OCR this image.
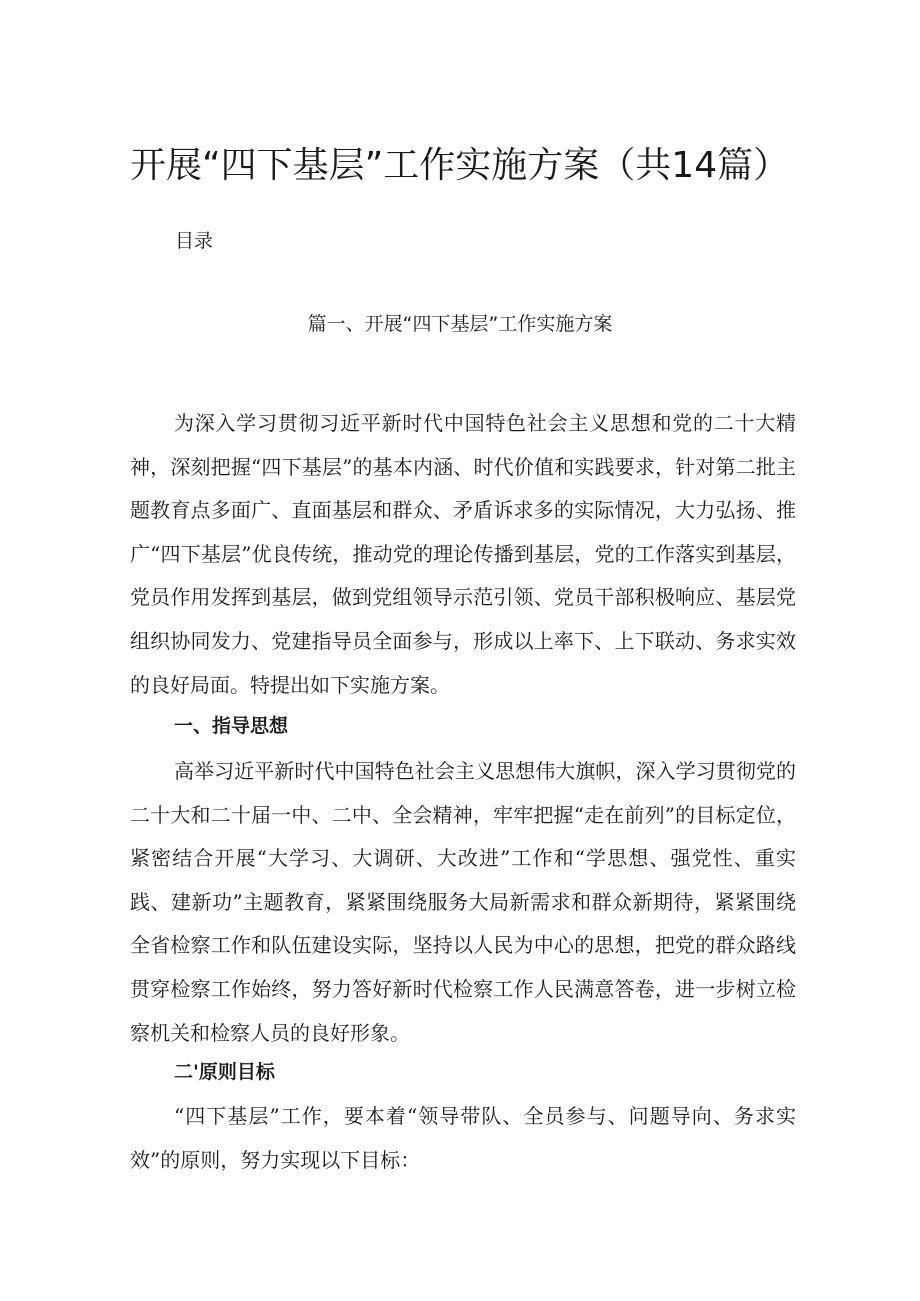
开展“四下基层”工作实施方案（共14篇）
目录
篇一、开展“四下基层”工作实施方案

为深入学习贯彻习近平新时代中国特色社会主义思想和党的二十大精神，深刻把握“四下基层”的基本内涵、时代价值和实践要求，针对第二批主题教育点多面广、直面基层和群众、矛盾诉求多的实际情况，大力弘扬、推广“四下基层”优良传统，推动党的理论传播到基层，党的工作落实到基层，党员作用发挥到基层，做到党组领导示范引领、党员干部积极响应、基层党组织协同发力、党建指导员全面参与，形成以上率下、上下联动、务求实效的良好局面。特提出如下实施方案。

一、指导思想

高举习近平新时代中国特色社会主义思想伟大旗帜，深入学习贯彻党的二十大和二十届一中、二中、全会精神，牢牢把握“走在前列”的目标定位，紧密结合开展“大学习、大调研、大改进”工作和“学思想、强党性、重实践、建新功”主题教育，紧紧围绕服务大局新需求和群众新期待，紧紧围绕全省检察工作和队伍建设实际，坚持以人民为中心的思想，把党的群众路线贯穿检察工作始终，努力答好新时代检察工作人民满意答卷，进一步树立检察机关和检察人员的良好形象。

二'原则目标

“四下基层”工作，要本着“领导带队、全员参与、问题导向、务求实效”的原则，努力实现以下目标：
